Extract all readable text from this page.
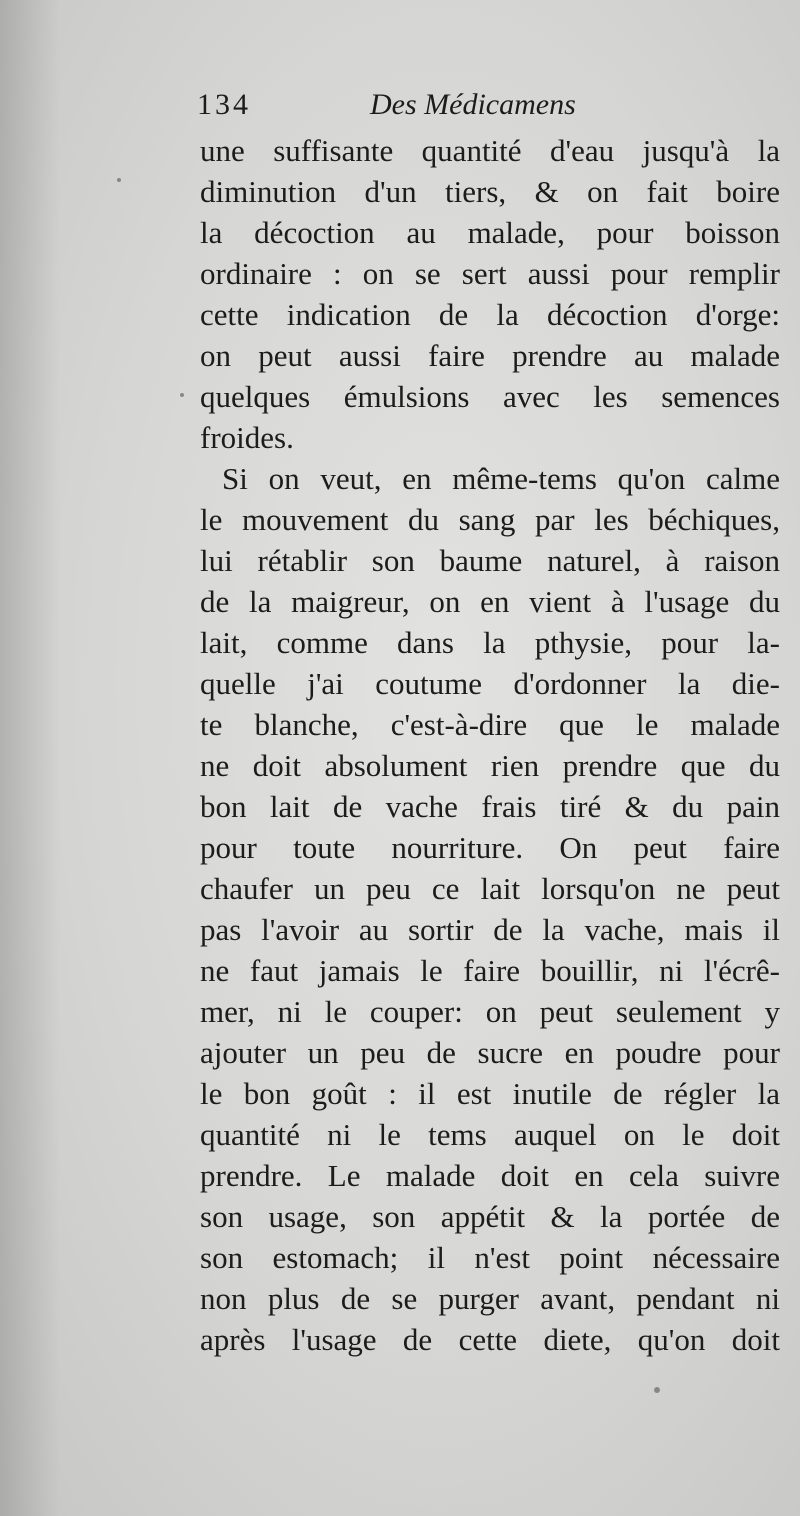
134	Des Médicamens
une suffisante quantité d'eau jusqu'à la
diminution d'un tiers, & on fait boire
la décoction au malade, pour boisson
ordinaire : on se sert aussi pour remplir
cette indication de la décoction d'orge:
on peut aussi faire prendre au malade
quelques émulsions avec les semences
froides.
Si on veut, en même-tems qu'on calme
le mouvement du sang par les béchiques,
lui rétablir son baume naturel, à raison
de la maigreur, on en vient à l'usage du
lait, comme dans la pthysie, pour la-
quelle j'ai coutume d'ordonner la die-
te blanche, c'est-à-dire que le malade
ne doit absolument rien prendre que du
bon lait de vache frais tiré & du pain
pour toute nourriture. On peut faire
chaufer un peu ce lait lorsqu'on ne peut
pas l'avoir au sortir de la vache, mais il
ne faut jamais le faire bouillir, ni l'écrê-
mer, ni le couper: on peut seulement y
ajouter un peu de sucre en poudre pour
le bon goût : il est inutile de régler la
quantité ni le tems auquel on le doit
prendre. Le malade doit en cela suivre
son usage, son appétit & la portée de
son estomach; il n'est point nécessaire
non plus de se purger avant, pendant ni
après l'usage de cette diete, qu'on doit
